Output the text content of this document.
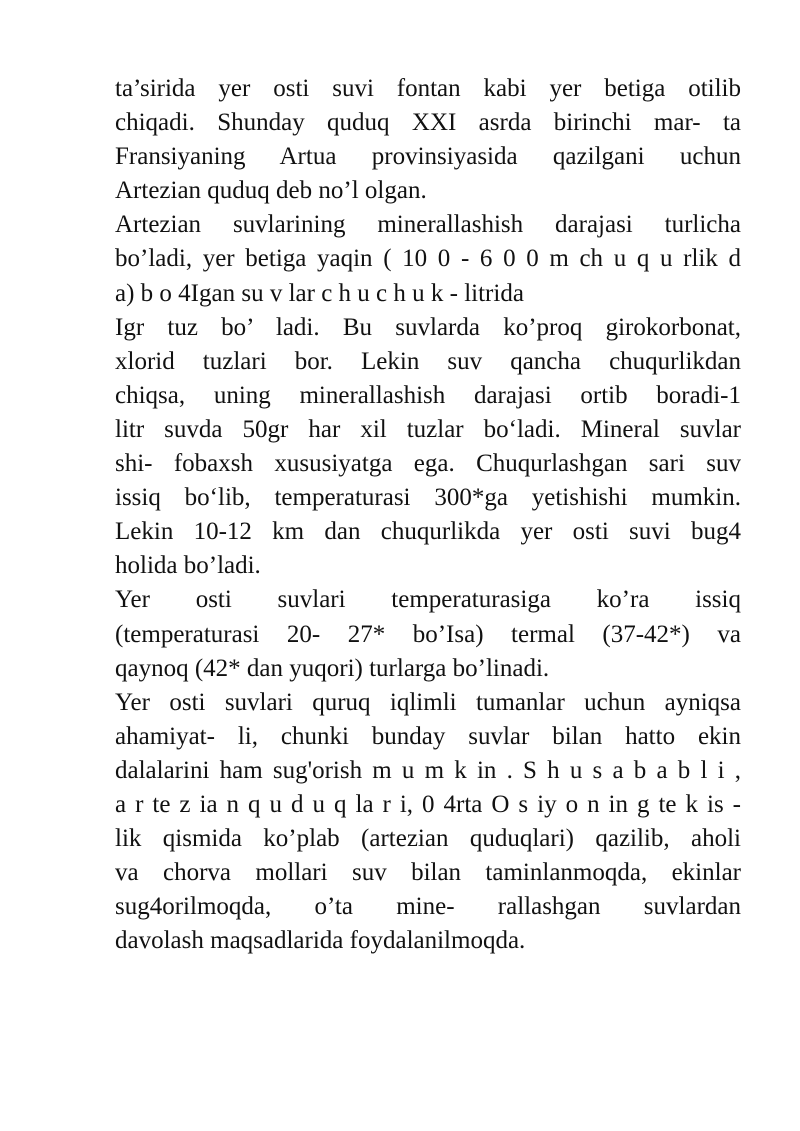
ta’sirida yer osti suvi fontan kabi yer betiga otilib
chiqadi. Shunday quduq XXI asrda birinchi mar- ta
Fransiyaning Artua provinsiyasida qazilgani uchun
Artezian quduq deb no’l olgan.
Artezian suvlarining minerallashish darajasi turlicha
bo’ladi, yer betiga yaqin ( 10 0 - 6 0 0 m ch u q u rlik d
a) b o 4Igan su v lar c h u c h u k - litrida
Igr tuz bo’ ladi. Bu suvlarda ko’proq girokorbonat,
xlorid tuzlari bor. Lekin suv qancha chuqurlikdan
chiqsa, uning minerallashish darajasi ortib boradi-1
litr suvda 50gr har xil tuzlar bo‘ladi. Mineral suvlar
shi- fobaxsh xususiyatga ega. Chuqurlashgan sari suv
issiq bo‘lib, temperaturasi 300*ga yetishishi mumkin.
Lekin 10-12 km dan chuqurlikda yer osti suvi bug4
holida bo’ladi.
Yer osti suvlari temperaturasiga ko’ra issiq
(temperaturasi 20- 27* bo’Isa) termal (37-42*) va
qaynoq (42* dan yuqori) turlarga bo’linadi.
Yer osti suvlari quruq iqlimli tumanlar uchun ayniqsa
ahamiyat- li, chunki bunday suvlar bilan hatto ekin
dalalarini ham sug'orish m u m k in . S h u s a b a b l i ,
a r te z ia n q u d u q la r i, 0 4rta O s iy o n in g te k is -
lik qismida ko’plab (artezian quduqlari) qazilib, aholi
va chorva mollari suv bilan taminlanmoqda, ekinlar
sug4orilmoqda, o’ta mine- rallashgan suvlardan
davolash maqsadlarida foydalanilmoqda.
